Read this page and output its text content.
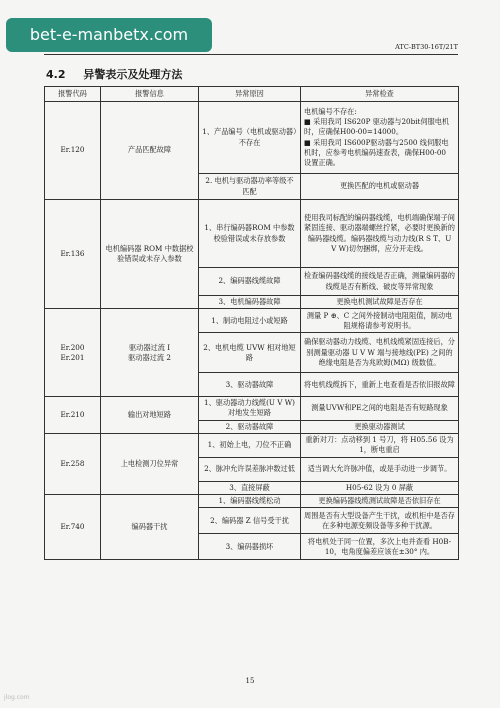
ATC-BT30-16T/21T
bet-e-manbetx.com
4.2 异警表示及处理方法
报警代码	报警信息	异常原因	异常检查
Er.120	产品匹配故障	1、产品编号（电机或驱动器）不存在	电机编号不存在:
■ 采用我司 IS620P 驱动器与20bit伺服电机时，应确保H00-00=14000。
■ 采用我司 IS600P驱动器与2500 线伺服电机时，应参考电机编码速查表，确保H00-00 设置正确。
		2. 电机与驱动器功率等级不匹配	更换匹配的电机或驱动器
Er.136	电机编码器 ROM 中数据校验错误或未存入参数	1、串行编码器ROM 中参数校验错误或未存放参数	使用我司标配的编码器线缆，电机端确保端子间紧固连接、驱动器端螺丝拧紧，必要时更换新的编码器线缆。编码器线缆与动力线(R S T、U V W)切勿捆绑，应分开走线。
		2、编码器线缆故障	检查编码器线缆的接线是否正确，测量编码器的线缆是否有断线、破皮等异常现象
		3、电机编码器故障	更换电机测试故障是否存在
Er.200
Er.201	驱动器过流 I
驱动器过流 2	1、制动电阻过小或短路	测量 P ⊕、C 之间外接制动电阻阻值，制动电阻规格请参考说明书。
		2、电机电缆 UVW 相对地短路	确保驱动器动力线缆、电机线缆紧固连接后，分别测量驱动器 U V W 端与接地线(PE) 之间的绝缘电阻是否为兆欧姆(MΩ) 级数值。
		3、驱动器故障	将电机线缆拆下，重新上电查看是否依旧报故障
Er.210	输出对地短路	1、驱动器动力线缆(U V W) 对地发生短路	测量UVW和PE之间的电阻是否有短路现象
		2、驱动器故障	更换驱动器测试
Er.258	上电检测刀位异常	1、初始上电，刀位不正确	重新对刀：点动移到 1 号刀，将 H05.56 设为 1，断电重启
		2、脉冲允许误差脉冲数过低	适当调大允许脉冲值，或是手动进一步调节。
		3、直接屏蔽	H05-62 设为 0 屏蔽
Er.740	编码器干扰	1、编码器线缆松动	更换编码器线缆测试故障是否依旧存在
		2、编码器 Z 信号受干扰	周围是否有大型设备产生干扰，或机柜中是否存在多种电源变频设备等多种干扰源。
		3、编码器损坏	将电机处于同一位置，多次上电并查看 H0B-10，电角度偏差应该在±30° 内。
15
jlog.com
